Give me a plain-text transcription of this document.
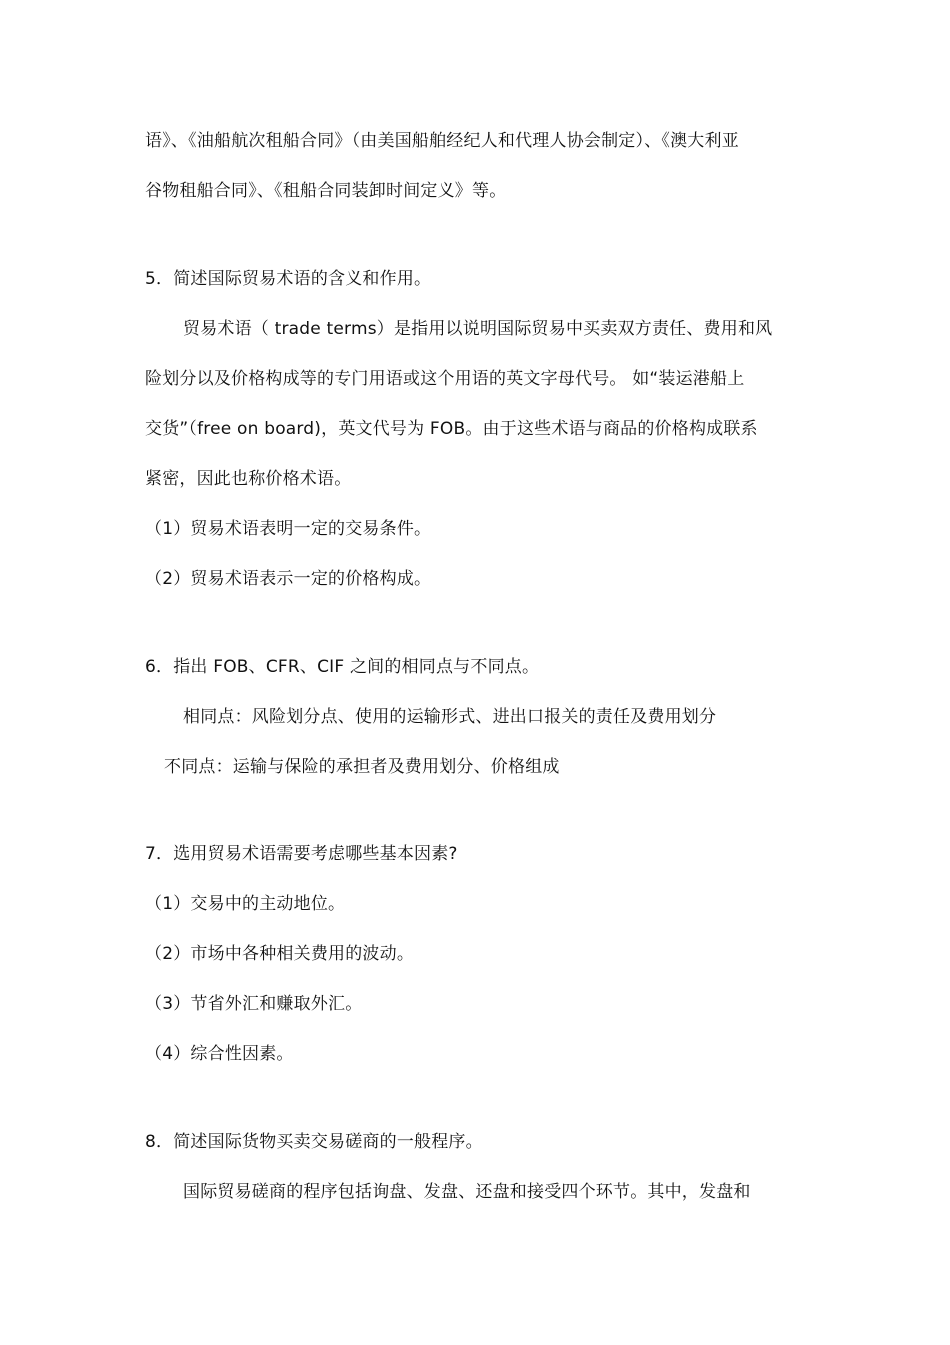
语》、《油船航次租船合同》（由美国船舶经纪人和代理人协会制定）、《澳大利亚
谷物租船合同》、《租船合同装卸时间定义》等。
5．简述国际贸易术语的含义和作用。
贸易术语（ trade terms）是指用以说明国际贸易中买卖双方责任、费用和风
险划分以及价格构成等的专门用语或这个用语的英文字母代号。 如“装运港船上
交货”（free on board)，英文代号为 FOB。由于这些术语与商品的价格构成联系
紧密，因此也称价格术语。
（1）贸易术语表明一定的交易条件。
（2）贸易术语表示一定的价格构成。
6．指出 FOB、CFR、CIF 之间的相同点与不同点。
相同点：风险划分点、使用的运输形式、进出口报关的责任及费用划分
不同点：运输与保险的承担者及费用划分、价格组成
7．选用贸易术语需要考虑哪些基本因素?
（1）交易中的主动地位。
（2）市场中各种相关费用的波动。
（3）节省外汇和赚取外汇。
（4）综合性因素。
8．简述国际货物买卖交易磋商的一般程序。
国际贸易磋商的程序包括询盘、发盘、还盘和接受四个环节。其中，发盘和
